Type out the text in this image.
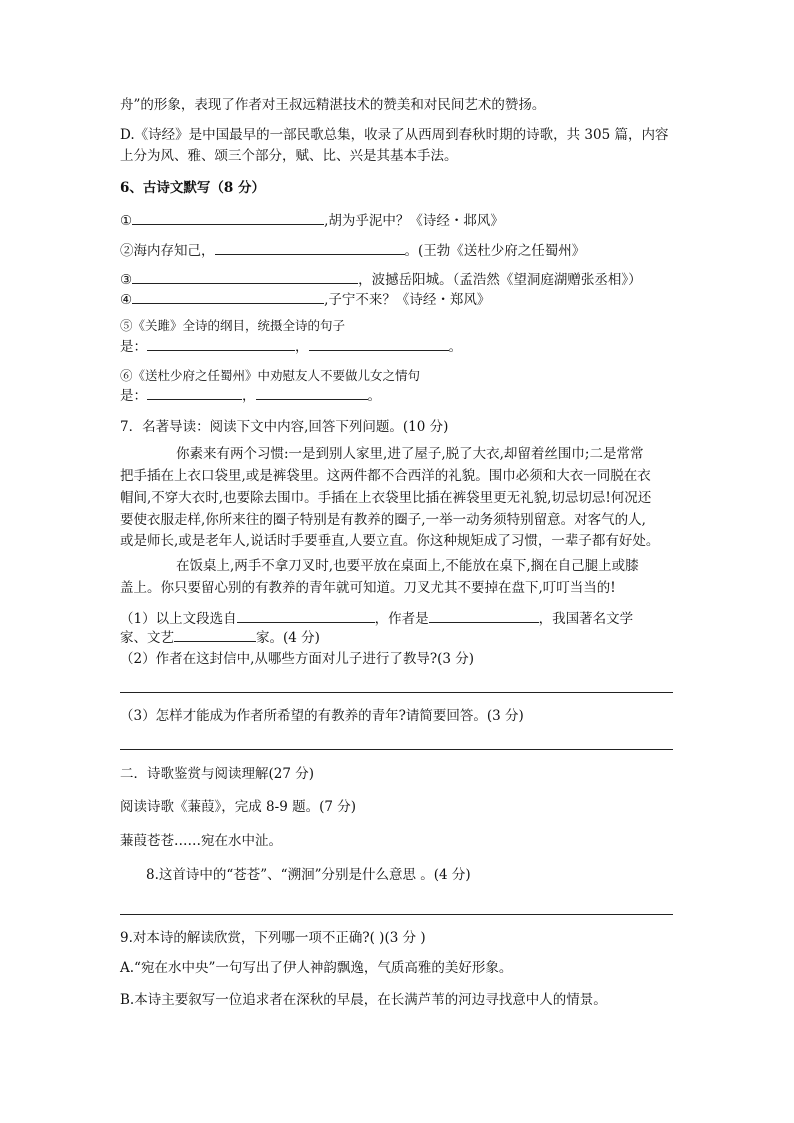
舟”的形象，表现了作者对王叔远精湛技术的赞美和对民间艺术的赞扬。
D.《诗经》是中国最早的一部民歌总集，收录了从西周到春秋时期的诗歌，共 305 篇，内容
上分为风、雅、颂三个部分，赋、比、兴是其基本手法。
6、古诗文默写（8 分）
①	,胡为乎泥中？《诗经・邶风》
②海内存知己，	。(王勃《送杜少府之任蜀州》
③	，波撼岳阳城。（孟浩然《望洞庭湖赠张丞相》）
④	,子宁不来？《诗经・郑风》
⑤《关雎》全诗的纲目，统摄全诗的句子
是：	，	。
⑥《送杜少府之任蜀州》中劝慰友人不要做儿女之情句
是：	，	。
7．名著导读：阅读下文中内容,回答下列问题。(10 分)
你素来有两个习惯:一是到别人家里,进了屋子,脱了大衣,却留着丝围巾;二是常常
把手插在上衣口袋里,或是裤袋里。这两件都不合西洋的礼貌。围巾必须和大衣一同脱在衣
帽间,不穿大衣时,也要除去围巾。手插在上衣袋里比插在裤袋里更无礼貌,切忌切忌!何况还
要使衣服走样,你所来往的圈子特别是有教养的圈子,一举一动务须特别留意。对客气的人,
或是师长,或是老年人,说话时手要垂直,人要立直。你这种规矩成了习惯，一辈子都有好处。
在饭桌上,两手不拿刀叉时,也要平放在桌面上,不能放在桌下,搁在自己腿上或膝
盖上。你只要留心别的有教养的青年就可知道。刀叉尤其不要掉在盘下,叮叮当当的!
（1）以上文段选自	，作者是	，我国著名文学
家、文艺	家。(4 分)
（2）作者在这封信中,从哪些方面对儿子进行了教导?(3 分)
（3）怎样才能成为作者所希望的有教养的青年?请简要回答。(3 分)
二．诗歌鉴赏与阅读理解(27 分)
阅读诗歌《蒹葭》，完成 8-9 题。(7 分)
蒹葭苍苍……宛在水中沚。
8.这首诗中的“苍苍”、“溯洄”分别是什么意思 。(4 分)
9.对本诗的解读欣赏，下列哪一项不正确?( )(3 分 )
A.“宛在水中央”一句写出了伊人神韵飘逸，气质高雅的美好形象。
B.本诗主要叙写一位追求者在深秋的早晨，在长满芦苇的河边寻找意中人的情景。
